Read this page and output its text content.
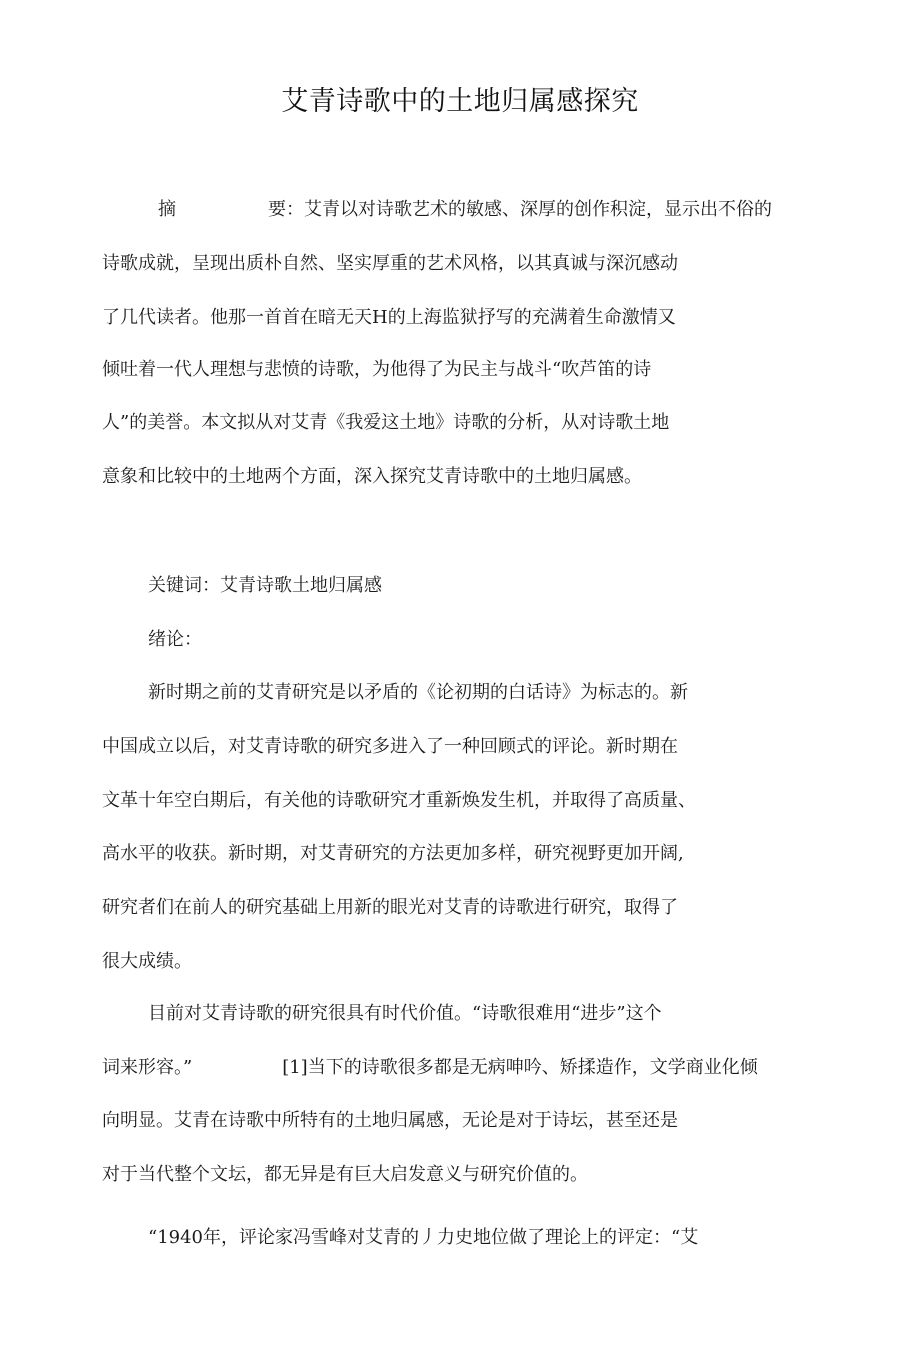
艾青诗歌中的土地归属感探究
摘	要：艾青以对诗歌艺术的敏感、深厚的创作积淀，显示出不俗的
诗歌成就，呈现出质朴自然、坚实厚重的艺术风格，以其真诚与深沉感动
了几代读者。他那一首首在暗无天H的上海监狱抒写的充满着生命激情又
倾吐着一代人理想与悲愤的诗歌，为他得了为民主与战斗“吹芦笛的诗
人”的美誉。本文拟从对艾青《我爱这土地》诗歌的分析，从对诗歌土地
意象和比较中的土地两个方面，深入探究艾青诗歌中的土地归属感。
关键词：艾青诗歌土地归属感
绪论：
新时期之前的艾青研究是以矛盾的《论初期的白话诗》为标志的。新
中国成立以后，对艾青诗歌的研究多进入了一种回顾式的评论。新时期在
文革十年空白期后，有关他的诗歌研究才重新焕发生机，并取得了高质量、
高水平的收获。新时期，对艾青研究的方法更加多样，研究视野更加开阔,
研究者们在前人的研究基础上用新的眼光对艾青的诗歌进行研究，取得了
很大成绩。
目前对艾青诗歌的研究很具有时代价值。“诗歌很难用“进步”这个
词来形容。”	[1]当下的诗歌很多都是无病呻吟、矫揉造作，文学商业化倾
向明显。艾青在诗歌中所特有的土地归属感，无论是对于诗坛，甚至还是
对于当代整个文坛，都无异是有巨大启发意义与研究价值的。
“1940年，评论家冯雪峰对艾青的丿力史地位做了理论上的评定：“艾
